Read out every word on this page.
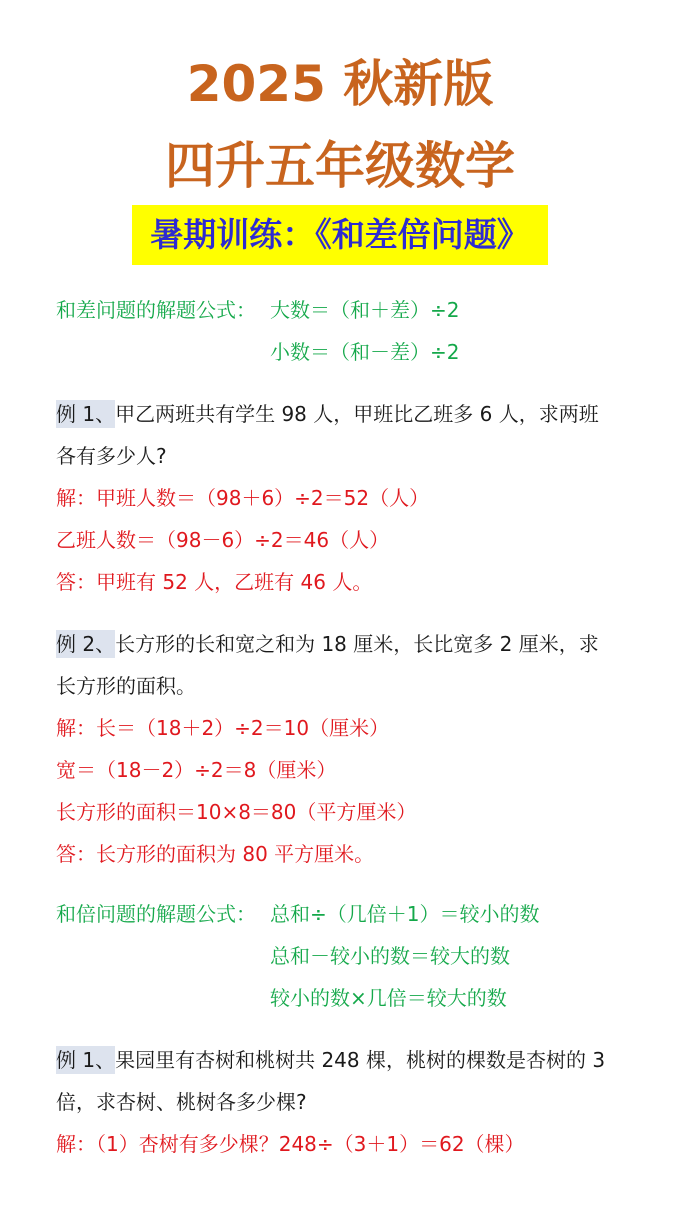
2025 秋新版
四升五年级数学
暑期训练：《和差倍问题》
和差问题的解题公式： 大数＝（和＋差）÷2
小数＝（和－差）÷2
例 1、甲乙两班共有学生 98 人，甲班比乙班多 6 人，求两班
各有多少人?
解：甲班人数＝（98＋6）÷2＝52（人）
乙班人数＝（98－6）÷2＝46（人）
答：甲班有 52 人，乙班有 46 人。
例 2、长方形的长和宽之和为 18 厘米，长比宽多 2 厘米，求
长方形的面积。
解：长＝（18＋2）÷2＝10（厘米）
宽＝（18－2）÷2＝8（厘米）
长方形的面积＝10×8＝80（平方厘米）
答：长方形的面积为 80 平方厘米。
和倍问题的解题公式： 总和÷（几倍＋1）＝较小的数
总和－较小的数＝较大的数
较小的数×几倍＝较大的数
例 1、果园里有杏树和桃树共 248 棵，桃树的棵数是杏树的 3
倍，求杏树、桃树各多少棵?
解：（1）杏树有多少棵？248÷（3＋1）＝62（棵）
